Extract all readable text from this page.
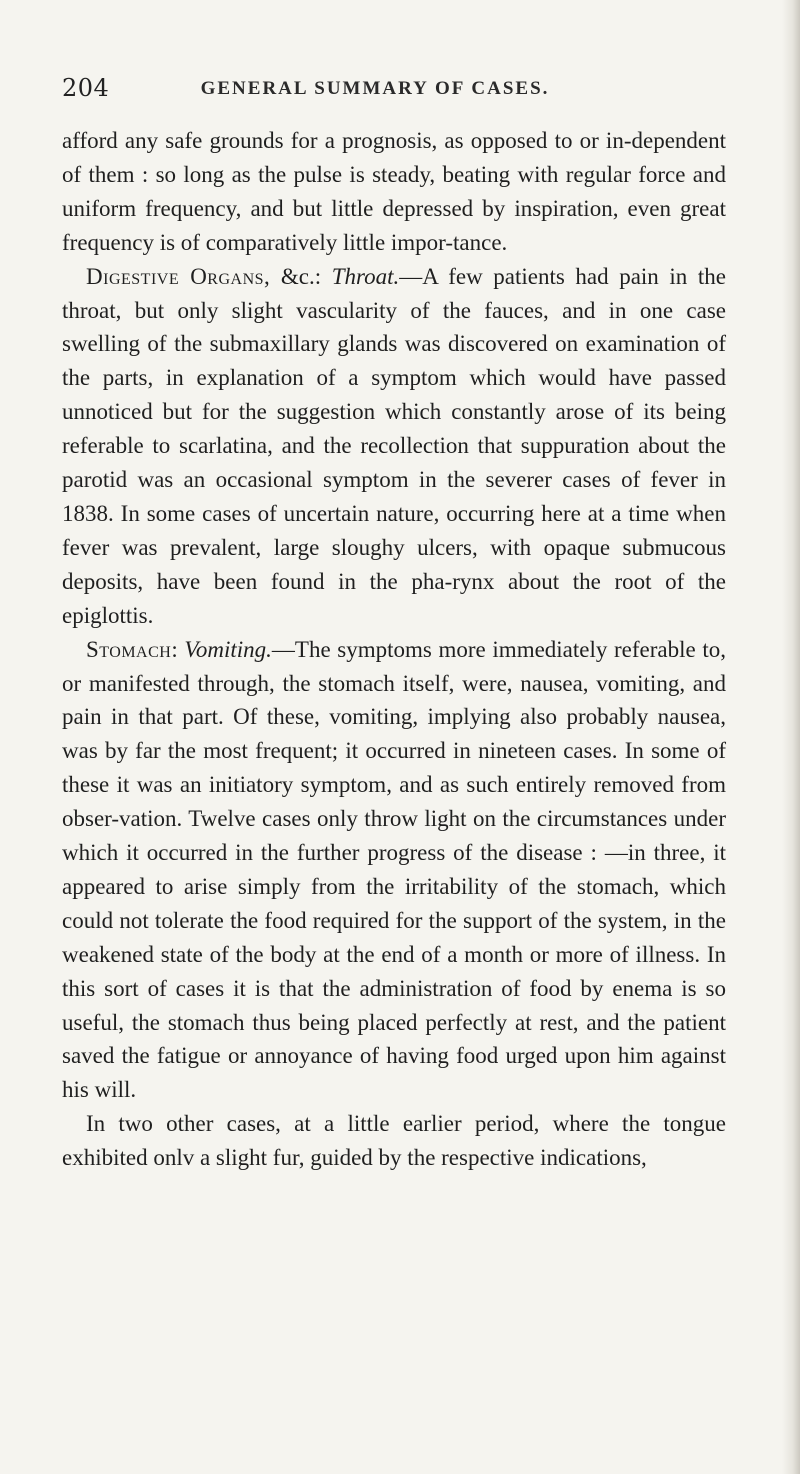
204	GENERAL SUMMARY OF CASES.

afford any safe grounds for a prognosis, as opposed to or in-dependent of them : so long as the pulse is steady, beating with regular force and uniform frequency, and but little depressed by inspiration, even great frequency is of comparatively little impor-tance.

Digestive Organs, &c.: Throat.—A few patients had pain in the throat, but only slight vascularity of the fauces, and in one case swelling of the submaxillary glands was discovered on examination of the parts, in explanation of a symptom which would have passed unnoticed but for the suggestion which constantly arose of its being referable to scarlatina, and the recollection that suppuration about the parotid was an occasional symptom in the severer cases of fever in 1838. In some cases of uncertain nature, occurring here at a time when fever was prevalent, large sloughy ulcers, with opaque submucous deposits, have been found in the pha-rynx about the root of the epiglottis.

Stomach: Vomiting.—The symptoms more immediately referable to, or manifested through, the stomach itself, were, nausea, vomiting, and pain in that part. Of these, vomiting, implying also probably nausea, was by far the most frequent; it occurred in nineteen cases. In some of these it was an initiatory symptom, and as such entirely removed from obser-vation. Twelve cases only throw light on the circumstances under which it occurred in the further progress of the disease : —in three, it appeared to arise simply from the irritability of the stomach, which could not tolerate the food required for the support of the system, in the weakened state of the body at the end of a month or more of illness. In this sort of cases it is that the administration of food by enema is so useful, the stomach thus being placed perfectly at rest, and the patient saved the fatigue or annoyance of having food urged upon him against his will.

In two other cases, at a little earlier period, where the tongue exhibited onlv a slight fur, guided by the respective indications,
